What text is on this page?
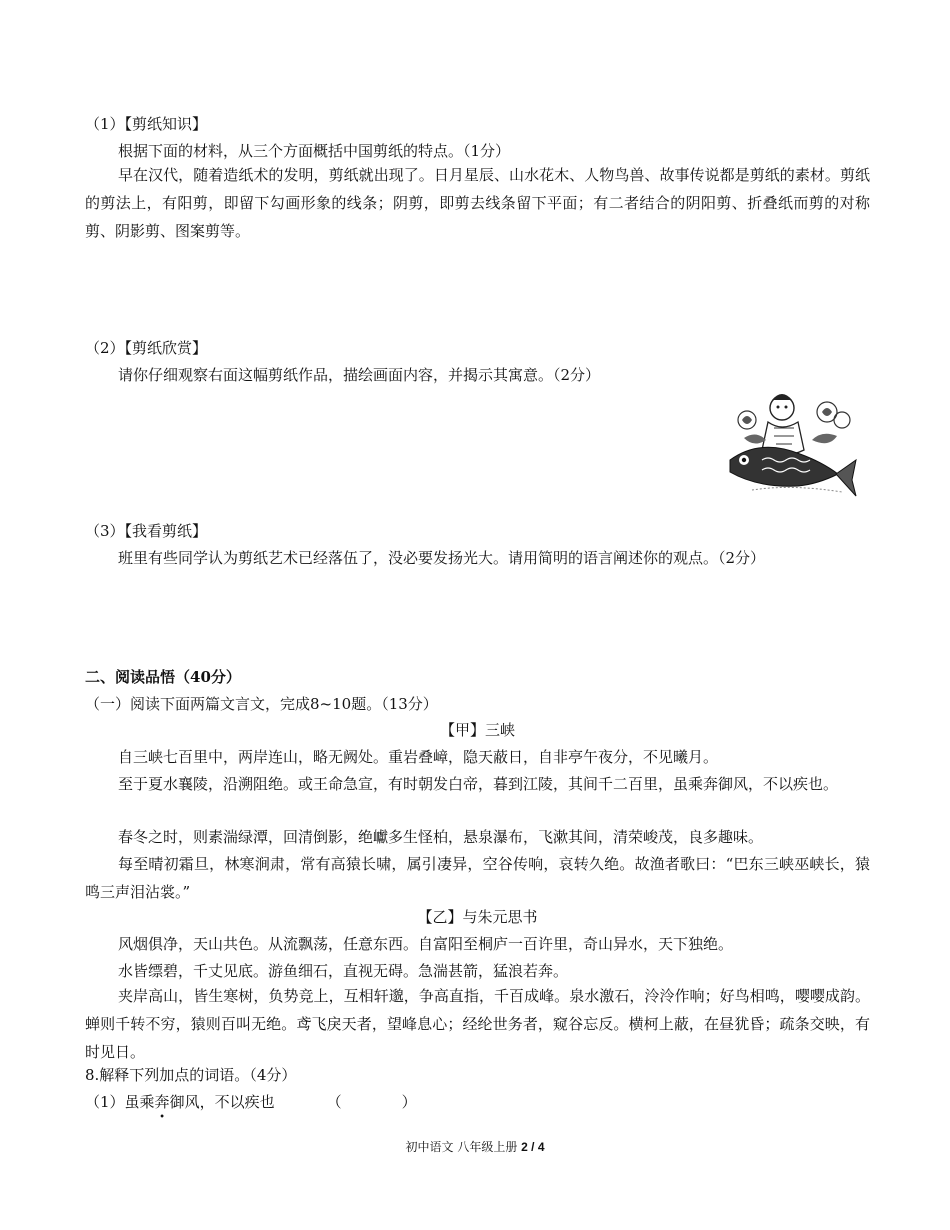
（1）【剪纸知识】
根据下面的材料，从三个方面概括中国剪纸的特点。（1分）
早在汉代，随着造纸术的发明，剪纸就出现了。日月星辰、山水花木、人物鸟兽、故事传说都是剪纸的素材。剪纸的剪法上，有阳剪，即留下勾画形象的线条；阴剪，即剪去线条留下平面；有二者结合的阴阳剪、折叠纸而剪的对称剪、阴影剪、图案剪等。
（2）【剪纸欣赏】
请你仔细观察右面这幅剪纸作品，描绘画面内容，并揭示其寓意。（2分）
（3）【我看剪纸】
班里有些同学认为剪纸艺术已经落伍了，没必要发扬光大。请用简明的语言阐述你的观点。（2分）
二、阅读品悟（40分）
（一）阅读下面两篇文言文，完成8~10题。（13分）
【甲】三峡
自三峡七百里中，两岸连山，略无阙处。重岩叠嶂，隐天蔽日，自非亭午夜分，不见曦月。
至于夏水襄陵，沿溯阻绝。或王命急宣，有时朝发白帝，暮到江陵，其间千二百里，虽乘奔御风，不以疾也。
春冬之时，则素湍绿潭，回清倒影，绝巘多生怪柏，悬泉瀑布，飞漱其间，清荣峻茂，良多趣味。
每至晴初霜旦，林寒涧肃，常有高猿长啸，属引凄异，空谷传响，哀转久绝。故渔者歌曰：“巴东三峡巫峡长，猿鸣三声泪沾裳。”
【乙】与朱元思书
风烟俱净，天山共色。从流飘荡，任意东西。自富阳至桐庐一百许里，奇山异水，天下独绝。
水皆缥碧，千丈见底。游鱼细石，直视无碍。急湍甚箭，猛浪若奔。
夹岸高山，皆生寒树，负势竞上，互相轩邈，争高直指，千百成峰。泉水激石，泠泠作响；好鸟相鸣，嘤嘤成韵。蝉则千转不穷，猿则百叫无绝。鸢飞戾天者，望峰息心；经纶世务者，窥谷忘反。横柯上蔽，在昼犹昏；疏条交映，有时见日。
8.解释下列加点的词语。（4分）
（1）虽乘奔御风，不以疾也	（　　　　）
初中语文 八年级上册 2 / 4
